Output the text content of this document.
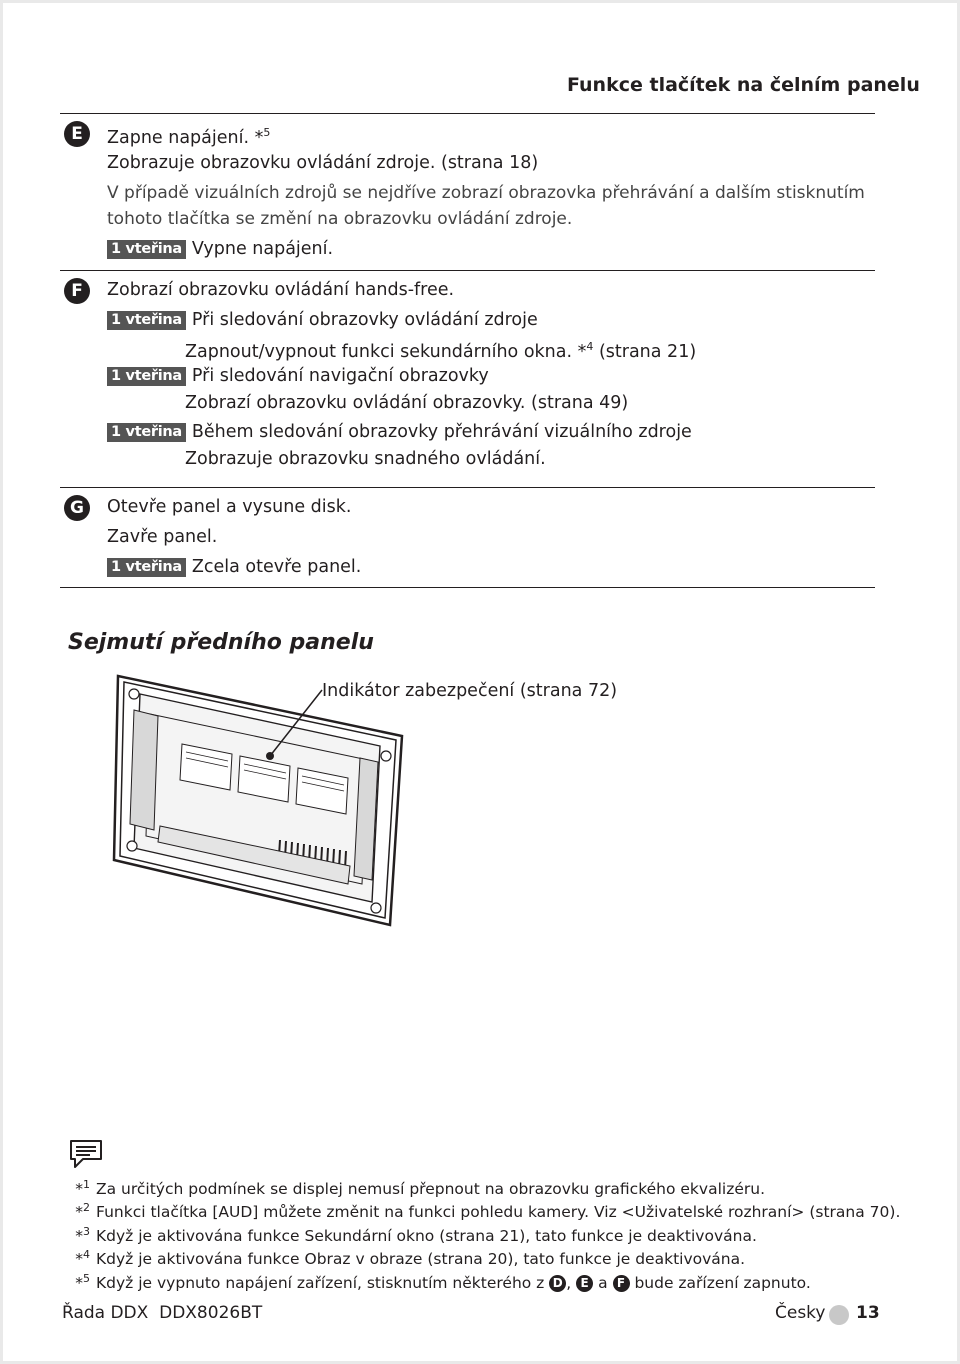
Funkce tlačítek na čelním panelu
E	Zapne napájení. *$^5$
Zobrazuje obrazovku ovládání zdroje. (strana 18)
V případě vizuálních zdrojů se nejdříve zobrazí obrazovka přehrávání a dalším stisknutím
tohoto tlačítka se změní na obrazovku ovládání zdroje.
1 vteřina Vypne napájení.
F	Zobrazí obrazovku ovládání hands-free.
1 vteřina Při sledování obrazovky ovládání zdroje
Zapnout/vypnout funkci sekundárního okna. *$^4$ (strana 21)
1 vteřina Při sledování navigační obrazovky
Zobrazí obrazovku ovládání obrazovky. (strana 49)
1 vteřina Během sledování obrazovky přehrávání vizuálního zdroje
Zobrazuje obrazovku snadného ovládání.
G	Otevře panel a vysune disk.
Zavře panel.
1 vteřina Zcela otevře panel.
Sejmutí předního panelu
Indikátor zabezpečení (strana 72)
*$^1$ Za určitých podmínek se displej nemusí přepnout na obrazovku grafického ekvalizéru.
*$^2$ Funkci tlačítka [AUD] můžete změnit na funkci pohledu kamery. Viz <Uživatelské rozhraní> (strana 70).
*$^3$ Když je aktivována funkce Sekundární okno (strana 21), tato funkce je deaktivována.
*$^4$ Když je aktivována funkce Obraz v obraze (strana 20), tato funkce je deaktivována.
*$^5$ Když je vypnuto napájení zařízení, stisknutím některého z D , E a F bude zařízení zapnuto.
Řada DDX DDX8026BT	Česky 13
